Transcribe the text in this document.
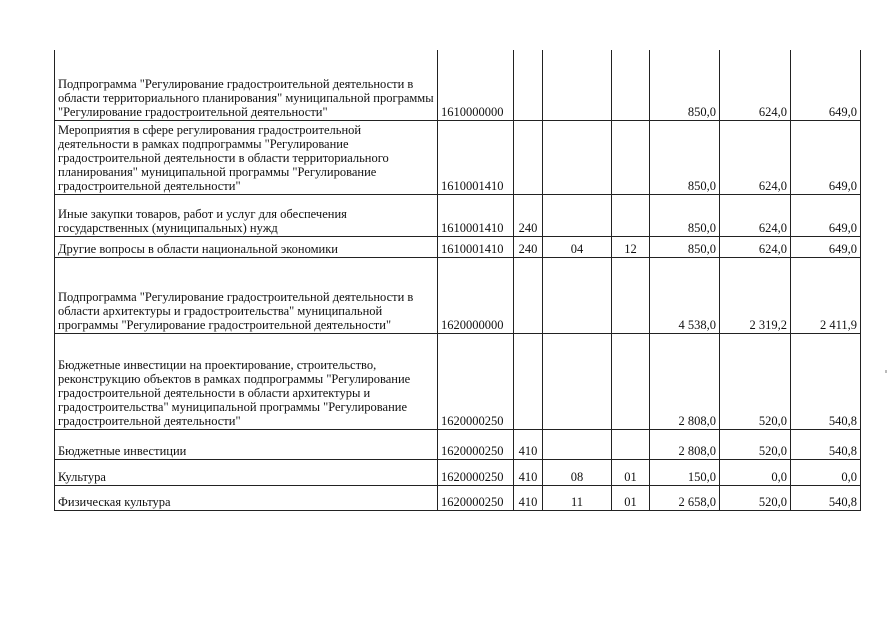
Подпрограмма "Регулирование градостроительной деятельности в области территориального планирования" муниципальной программы "Регулирование градостроительной деятельности"	1610000000				850,0	624,0	649,0
Мероприятия в сфере регулирования градостроительной деятельности в рамках подпрограммы "Регулирование градостроительной деятельности в области территориального планирования" муниципальной программы "Регулирование градостроительной деятельности"	1610001410				850,0	624,0	649,0
Иные закупки товаров, работ и услуг для обеспечения государственных (муниципальных) нужд	1610001410	240			850,0	624,0	649,0
Другие вопросы в области национальной экономики	1610001410	240	04	12	850,0	624,0	649,0
Подпрограмма "Регулирование градостроительной деятельности в области архитектуры и градостроительства" муниципальной программы "Регулирование градостроительной деятельности"	1620000000				4 538,0	2 319,2	2 411,9
Бюджетные инвестиции на проектирование, строительство, реконструкцию объектов в рамках подпрограммы "Регулирование градостроительной деятельности в области архитектуры и градостроительства" муниципальной программы "Регулирование градостроительной деятельности"	1620000250				2 808,0	520,0	540,8
Бюджетные инвестиции	1620000250	410			2 808,0	520,0	540,8
Культура	1620000250	410	08	01	150,0	0,0	0,0
Физическая культура	1620000250	410	11	01	2 658,0	520,0	540,8
